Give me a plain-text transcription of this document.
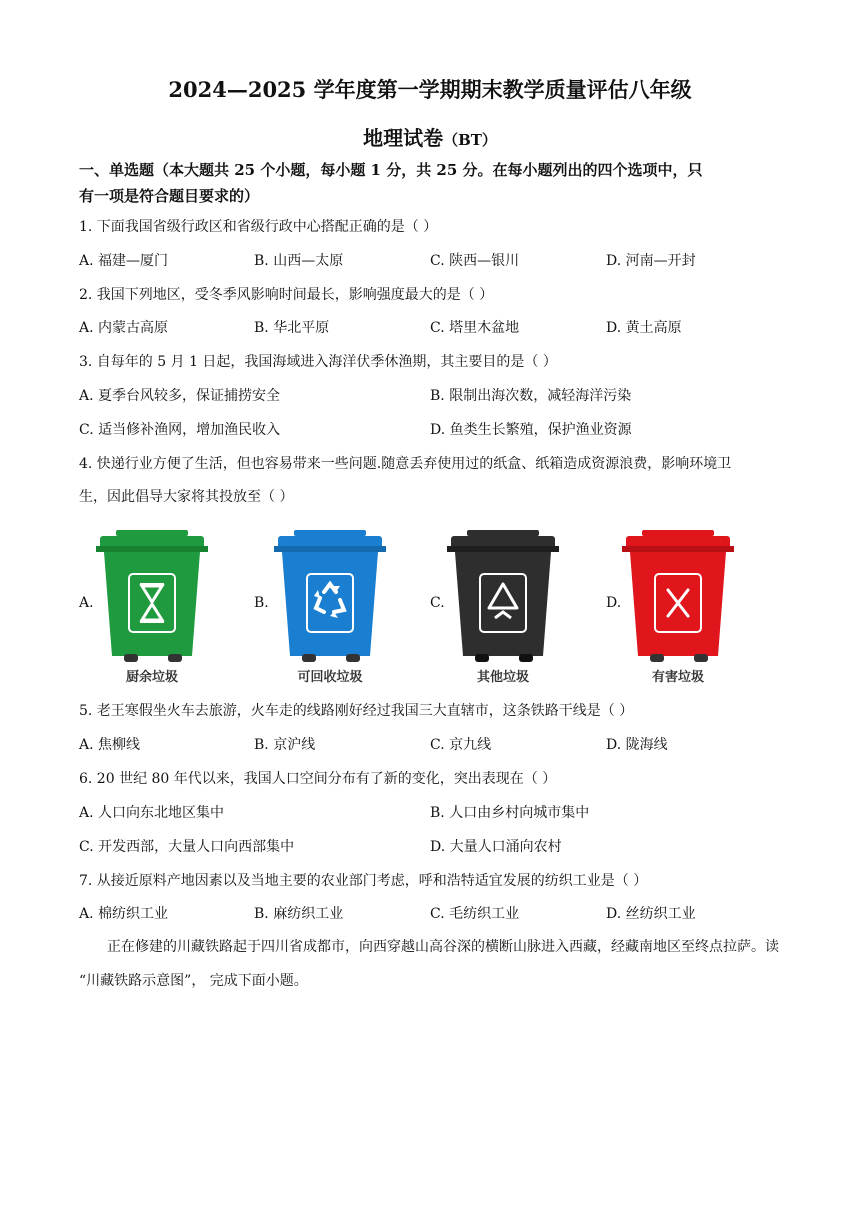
2024—2025 学年度第一学期期末教学质量评估八年级
地理试卷（BT）
一、单选题（本大题共 25 个小题，每小题 1 分，共 25 分。在每小题列出的四个选项中，只
有一项是符合题目要求的）
1. 下面我国省级行政区和省级行政中心搭配正确的是（ ）
A. 福建—厦门	B. 山西—太原	C. 陕西—银川	D. 河南—开封
2. 我国下列地区，受冬季风影响时间最长，影响强度最大的是（ ）
A. 内蒙古高原	B. 华北平原	C. 塔里木盆地	D. 黄土高原
3. 自每年的 5 月 1 日起，我国海域进入海洋伏季休渔期，其主要目的是（ ）
A. 夏季台风较多，保证捕捞安全	B. 限制出海次数，减轻海洋污染
C. 适当修补渔网，增加渔民收入	D. 鱼类生长繁殖，保护渔业资源
4. 快递行业方便了生活，但也容易带来一些问题.随意丢弃使用过的纸盒、纸箱造成资源浪费，影响环境卫
生，因此倡导大家将其投放至（ ）
A.	B.	C.	D.
厨余垃圾	可回收垃圾	其他垃圾	有害垃圾
5. 老王寒假坐火车去旅游，火车走的线路刚好经过我国三大直辖市，这条铁路干线是（ ）
A. 焦柳线	B. 京沪线	C. 京九线	D. 陇海线
6. 20 世纪 80 年代以来，我国人口空间分布有了新的变化，突出表现在（ ）
A. 人口向东北地区集中	B. 人口由乡村向城市集中
C. 开发西部，大量人口向西部集中	D. 大量人口涌向农村
7. 从接近原料产地因素以及当地主要的农业部门考虑，呼和浩特适宜发展的纺织工业是（ ）
A. 棉纺织工业	B. 麻纺织工业	C. 毛纺织工业	D. 丝纺织工业
正在修建的川藏铁路起于四川省成都市，向西穿越山高谷深的横断山脉进入西藏，经藏南地区至终点拉萨。读 “川藏铁路示意图”， 完成下面小题。
